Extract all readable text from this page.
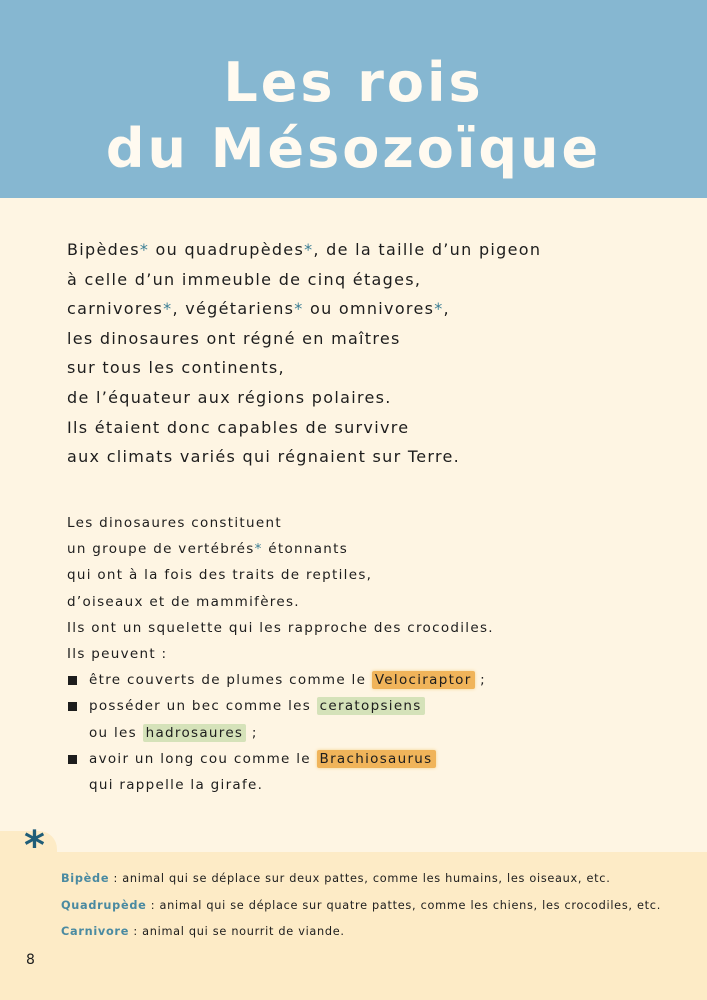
Les rois
du Mésozoïque
Bipèdes* ou quadrupèdes*, de la taille d’un pigeon
à celle d’un immeuble de cinq étages,
carnivores*, végétariens* ou omnivores*,
les dinosaures ont régné en maîtres
sur tous les continents,
de l’équateur aux régions polaires.
Ils étaient donc capables de survivre
aux climats variés qui régnaient sur Terre.
Les dinosaures constituent
un groupe de vertébrés* étonnants
qui ont à la fois des traits de reptiles,
d’oiseaux et de mammifères.
Ils ont un squelette qui les rapproche des crocodiles.
Ils peuvent :
être couverts de plumes comme le Velociraptor ;
posséder un bec comme les ceratopsiens
ou les hadrosaures ;
avoir un long cou comme le Brachiosaurus
qui rappelle la girafe.
*
Bipède : animal qui se déplace sur deux pattes, comme les humains, les oiseaux, etc.
Quadrupède : animal qui se déplace sur quatre pattes, comme les chiens, les crocodiles, etc.
Carnivore : animal qui se nourrit de viande.
8
